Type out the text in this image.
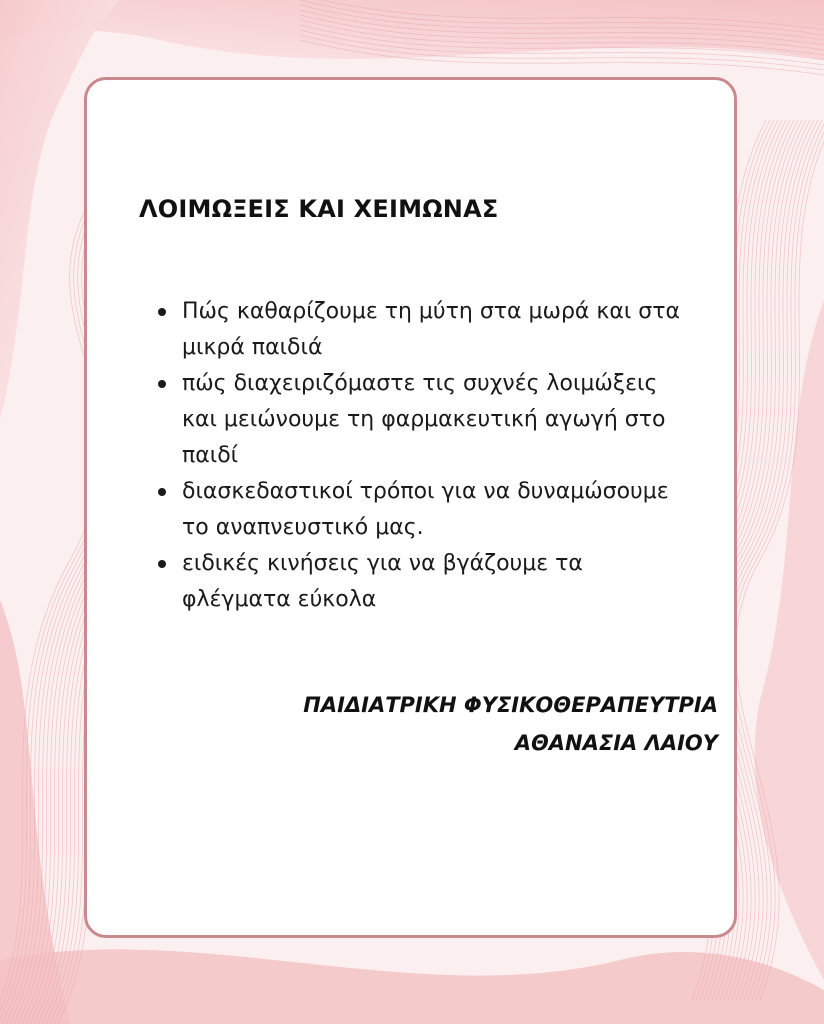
ΛΟΙΜΩΞΕΙΣ ΚΑΙ ΧΕΙΜΩΝΑΣ
Πώς καθαρίζουμε τη μύτη στα μωρά και στα μικρά παιδιά
πώς διαχειριζόμαστε τις συχνές λοιμώξεις και μειώνουμε τη φαρμακευτική αγωγή στο παιδί
διασκεδαστικοί τρόποι για να δυναμώσουμε το αναπνευστικό μας.
ειδικές κινήσεις για να βγάζουμε τα φλέγματα εύκολα
ΠΑΙΔΙΑΤΡΙΚΗ ΦΥΣΙΚΟΘΕΡΑΠΕΥΤΡΙΑ
ΑΘΑΝΑΣΙΑ ΛΑΙΟΥ
